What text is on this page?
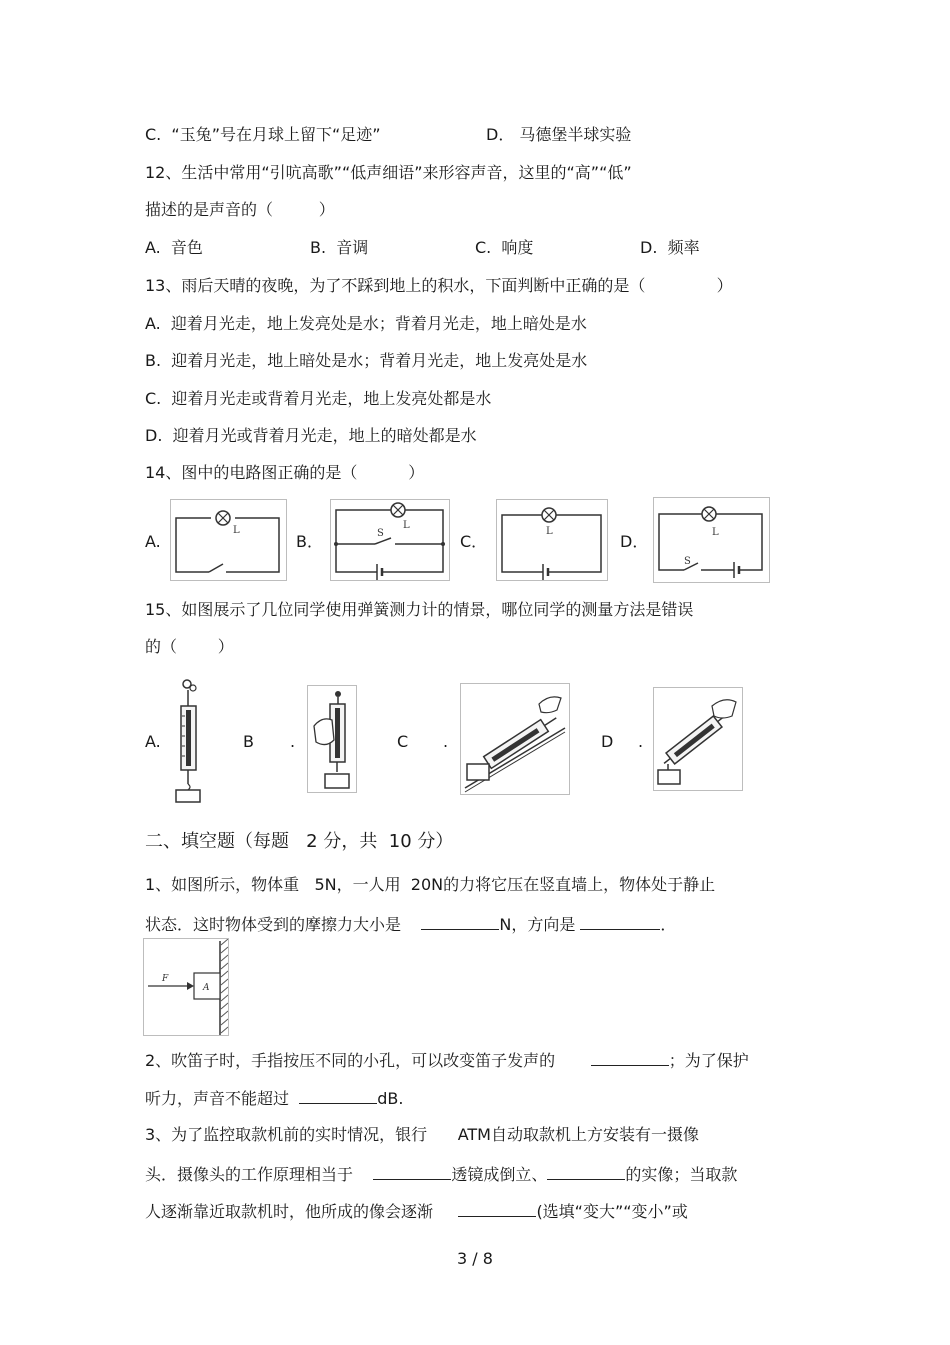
C.  “玉兔”号在月球上留下“足迹”	D． 马德堡半球实验
12、生活中常用“引吭高歌”“低声细语”来形容声音，这里的“高”“低”
描述的是声音的（         ）
A.  音色	B.  音调	C.  响度	D.  频率
13、雨后天晴的夜晚，为了不踩到地上的积水，下面判断中正确的是（              ）
A.  迎着月光走，地上发亮处是水；背着月光走，地上暗处是水
B.  迎着月光走，地上暗处是水；背着月光走，地上发亮处是水
C.  迎着月光走或背着月光走，地上发亮处都是水
D.  迎着月光或背着月光走，地上的暗处都是水
14、图中的电路图正确的是（          ）
A.
L
B．
L
S	C．
L
D．	L
S
15、如图展示了几位同学使用弹簧测力计的情景，哪位同学的测量方法是错误
的（        ）
A.	B .	C .	D .
二、填空题（每题   2 分，共  10 分）
1、如图所示，物体重   5N，一人用  20N的力将它压在竖直墙上，物体处于静止
状态．这时物体受到的摩擦力大小是	N，方向是	．
F
A
2、吹笛子时，手指按压不同的小孔，可以改变笛子发声的	；为了保护
听力，声音不能超过	dB.
3、为了监控取款机前的实时情况，银行      ATM自动取款机上方安装有一摄像
头．摄像头的工作原理相当于	透镜成倒立、	的实像；当取款
人逐渐靠近取款机时，他所成的像会逐渐	(选填“变大”“变小”或
3 / 8
